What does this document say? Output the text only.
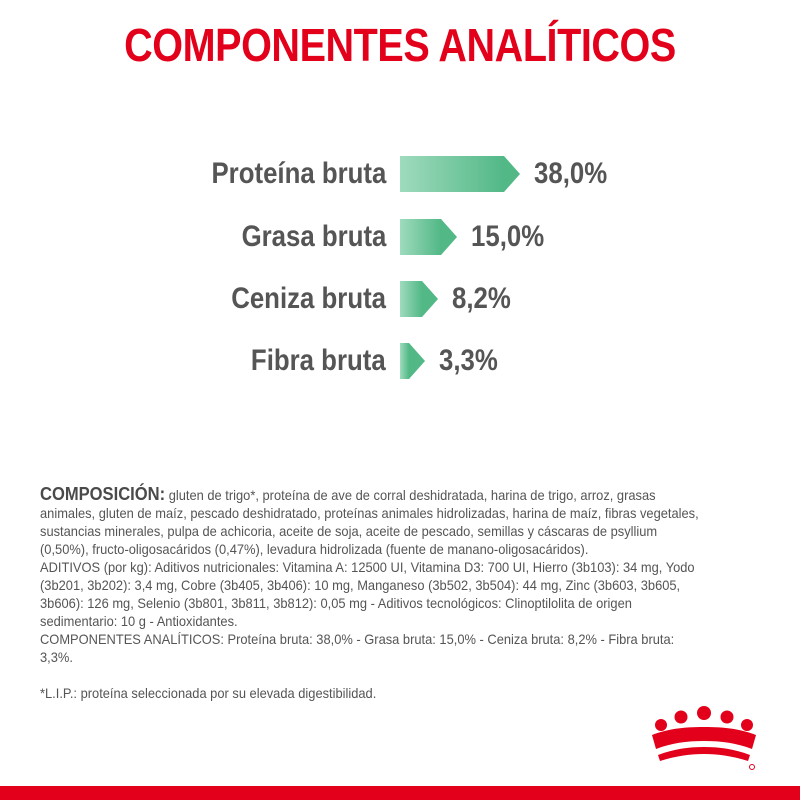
COMPONENTES ANALÍTICOS
Proteína bruta	38,0%
Grasa bruta	15,0%
Ceniza bruta 8,2%
Fibra bruta 3,3%

COMPOSICIÓN: gluten de trigo*, proteína de ave de corral deshidratada, harina de trigo, arroz, grasas animales, gluten de maíz, pescado deshidratado, proteínas animales hidrolizadas, harina de maíz, fibras vegetales, sustancias minerales, pulpa de achicoria, aceite de soja, aceite de pescado, semillas y cáscaras de psyllium (0,50%), fructo-oligosacáridos (0,47%), levadura hidrolizada (fuente de manano-oligosacáridos).

ADITIVOS (por kg): Aditivos nutricionales: Vitamina A: 12500 UI, Vitamina D3: 700 UI, Hierro (3b103): 34 mg, Yodo (3b201, 3b202): 3,4 mg, Cobre (3b405, 3b406): 10 mg, Manganeso (3b502, 3b504): 44 mg, Zinc (3b603, 3b605, 3b606): 126 mg, Selenio (3b801, 3b811, 3b812): 0,05 mg - Aditivos tecnológicos: Clinoptilolita de origen sedimentario: 10 g - Antioxidantes.

COMPONENTES ANALÍTICOS: Proteína bruta: 38,0% - Grasa bruta: 15,0% - Ceniza bruta: 8,2% - Fibra bruta: 3,3%.

*L.I.P.: proteína seleccionada por su elevada digestibilidad.
